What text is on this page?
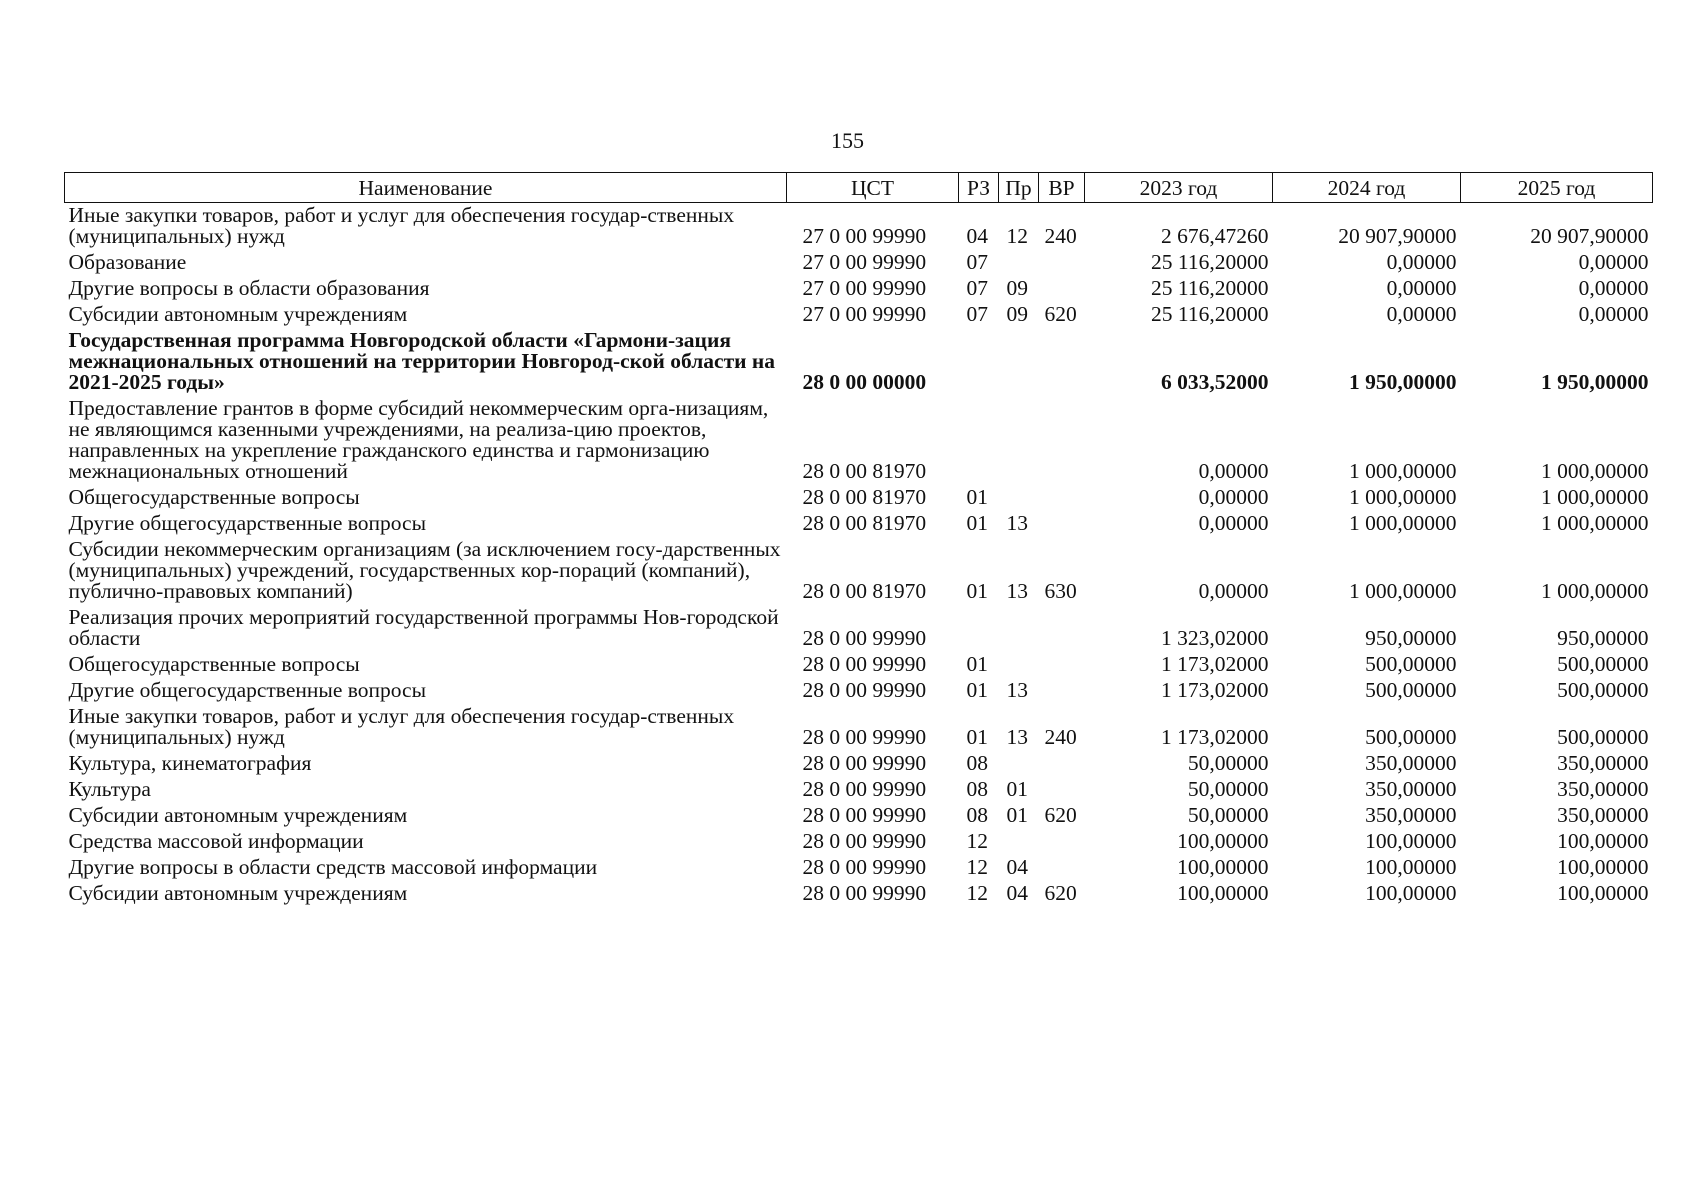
155
Наименование	ЦСТ	РЗ	Пр	ВР	2023 год	2024 год	2025 год
Иные закупки товаров, работ и услуг для обеспечения государ-ственных (муниципальных) нужд	27 0 00 99990	04	12	240	2 676,47260	20 907,90000	20 907,90000
Образование	27 0 00 99990	07			25 116,20000	0,00000	0,00000
Другие вопросы в области образования	27 0 00 99990	07	09		25 116,20000	0,00000	0,00000
Субсидии автономным учреждениям	27 0 00 99990	07	09	620	25 116,20000	0,00000	0,00000
Государственная программа Новгородской области «Гармони-зация межнациональных отношений на территории Новгород-ской области на 2021-2025 годы»	28 0 00 00000				6 033,52000	1 950,00000	1 950,00000
Предоставление грантов в форме субсидий некоммерческим орга-низациям, не являющимся казенными учреждениями, на реализа-цию проектов, направленных на укрепление гражданского единства и гармонизацию межнациональных отношений	28 0 00 81970				0,00000	1 000,00000	1 000,00000
Общегосударственные вопросы	28 0 00 81970	01			0,00000	1 000,00000	1 000,00000
Другие общегосударственные вопросы	28 0 00 81970	01	13		0,00000	1 000,00000	1 000,00000
Субсидии некоммерческим организациям (за исключением госу-дарственных (муниципальных) учреждений, государственных кор-пораций (компаний), публично-правовых компаний)	28 0 00 81970	01	13	630	0,00000	1 000,00000	1 000,00000
Реализация прочих мероприятий государственной программы Нов-городской области	28 0 00 99990				1 323,02000	950,00000	950,00000
Общегосударственные вопросы	28 0 00 99990	01			1 173,02000	500,00000	500,00000
Другие общегосударственные вопросы	28 0 00 99990	01	13		1 173,02000	500,00000	500,00000
Иные закупки товаров, работ и услуг для обеспечения государ-ственных (муниципальных) нужд	28 0 00 99990	01	13	240	1 173,02000	500,00000	500,00000
Культура, кинематография	28 0 00 99990	08			50,00000	350,00000	350,00000
Культура	28 0 00 99990	08	01		50,00000	350,00000	350,00000
Субсидии автономным учреждениям	28 0 00 99990	08	01	620	50,00000	350,00000	350,00000
Средства массовой информации	28 0 00 99990	12			100,00000	100,00000	100,00000
Другие вопросы в области средств массовой информации	28 0 00 99990	12	04		100,00000	100,00000	100,00000
Субсидии автономным учреждениям	28 0 00 99990	12	04	620	100,00000	100,00000	100,00000
